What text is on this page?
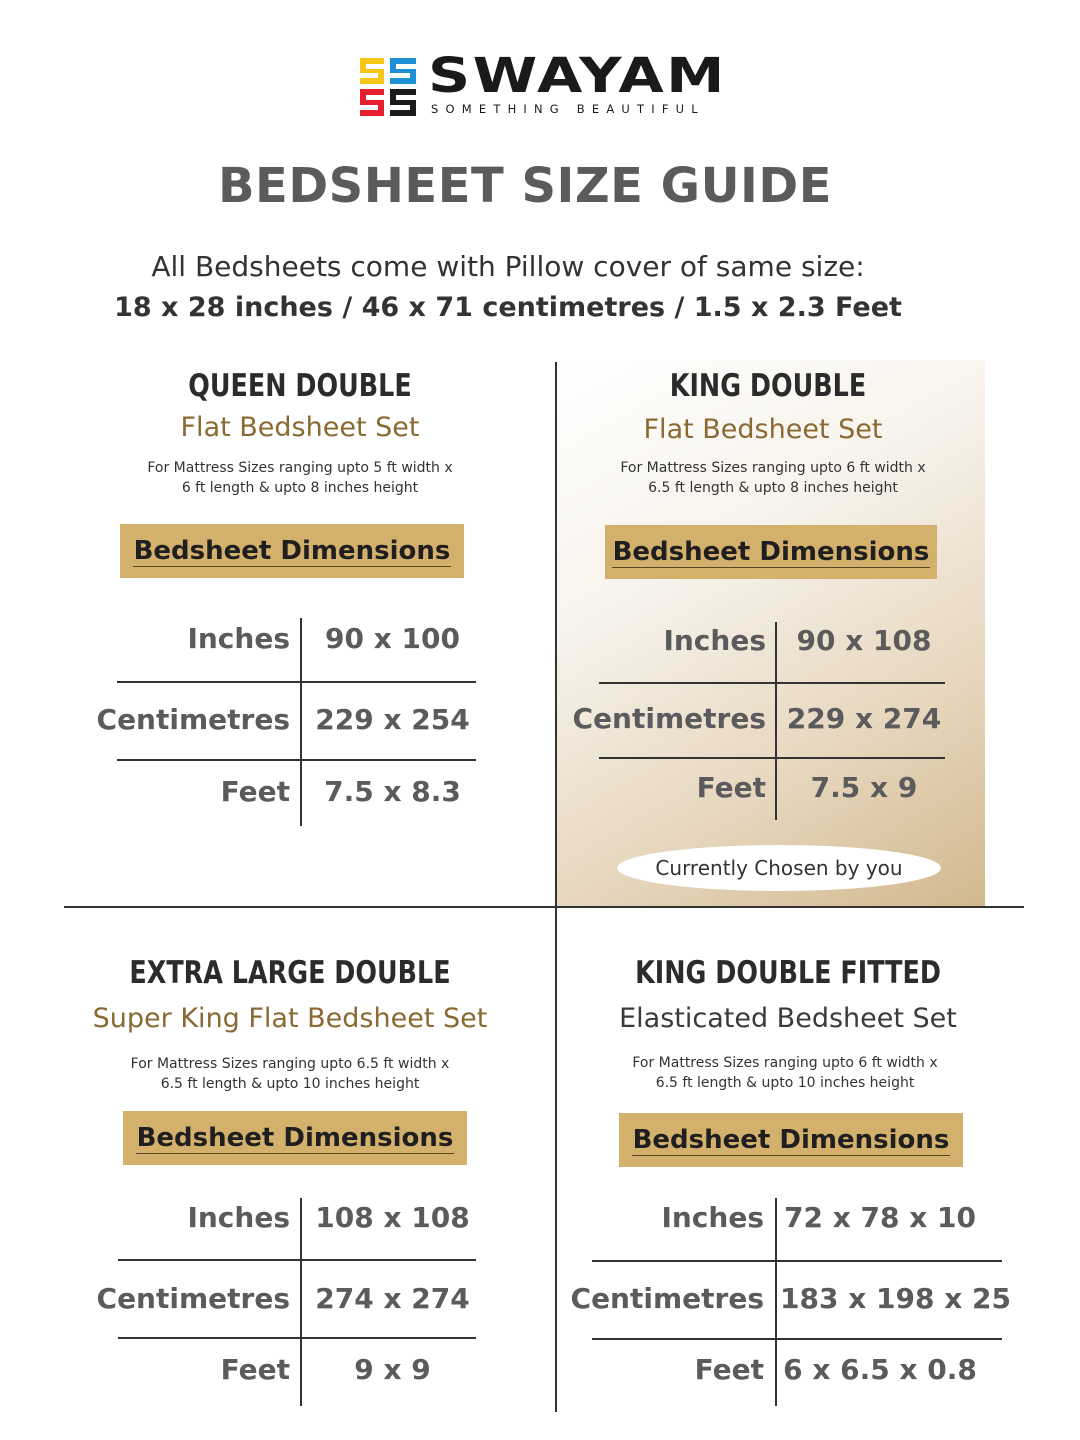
SWAYAM
SOMETHING BEAUTIFUL
BEDSHEET SIZE GUIDE
All Bedsheets come with Pillow cover of same size:
18 x 28 inches / 46 x 71 centimetres / 1.5 x 2.3 Feet
QUEEN DOUBLE
Flat Bedsheet Set
For Mattress Sizes ranging upto 5 ft width x
6 ft length & upto 8 inches height
Bedsheet Dimensions
Inches	90 x 100
Centimetres 229 x 254
Feet	7.5 x 8.3
KING DOUBLE
Flat Bedsheet Set
For Mattress Sizes ranging upto 6 ft width x
6.5 ft length & upto 8 inches height
Bedsheet Dimensions
Inches	90 x 108
Centimetres 229 x 274
Feet	7.5 x 9
Currently Chosen by you
EXTRA LARGE DOUBLE
Super King Flat Bedsheet Set
For Mattress Sizes ranging upto 6.5 ft width x
6.5 ft length & upto 10 inches height
Bedsheet Dimensions
Inches 108 x 108
Centimetres 274 x 274
Feet	9 x 9
KING DOUBLE FITTED
Elasticated Bedsheet Set
For Mattress Sizes ranging upto 6 ft width x
6.5 ft length & upto 10 inches height
Bedsheet Dimensions
Inches 72 x 78 x 10
Centimetres 183 x 198 x 25
Feet 6 x 6.5 x 0.8
